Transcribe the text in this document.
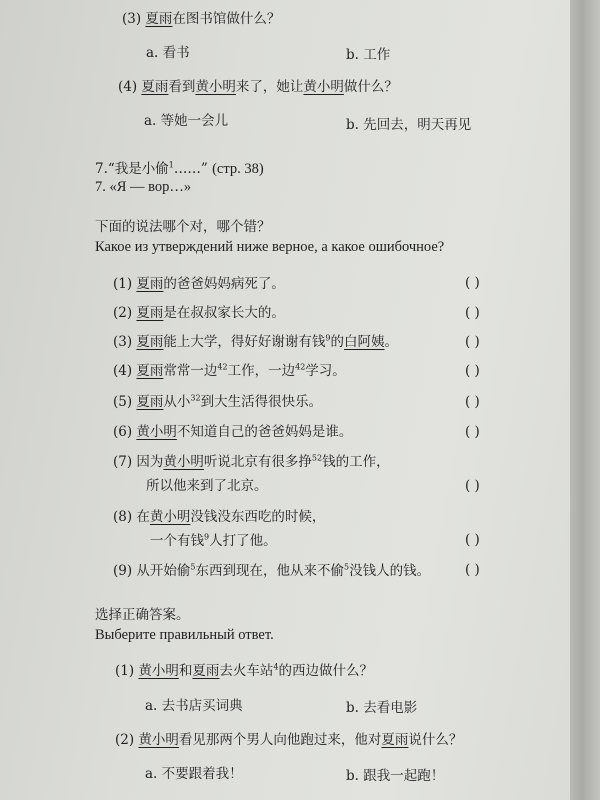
(3) 夏雨在图书馆做什么？
a. 看书	b. 工作
(4) 夏雨看到黄小明来了，她让黄小明做什么？
a. 等她一会儿	b. 先回去，明天再见
7.“我是小偷$^1$……” (стр. 38)
7. «Я — вор…»
下面的说法哪个对，哪个错？
Какое из утверждений ниже верное, а какое ошибочное?
(1) 夏雨的爸爸妈妈病死了。	( )
(2) 夏雨是在叔叔家长大的。	( )
(3) 夏雨能上大学，得好好谢谢有钱$^9$的白阿姨。	( )
(4) 夏雨常常一边$^{42}$工作，一边$^{42}$学习。	( )
(5) 夏雨从小$^{32}$到大生活得很快乐。	( )
(6) 黄小明不知道自己的爸爸妈妈是谁。	( )
(7) 因为黄小明听说北京有很多挣$^{52}$钱的工作，
所以他来到了北京。	( )
(8) 在黄小明没钱没东西吃的时候，
一个有钱$^9$人打了他。	( )
(9) 从开始偷$^5$东西到现在，他从来不偷$^5$没钱人的钱。	( )
选择正确答案。
Выберите правильный ответ.
(1) 黄小明和夏雨去火车站$^4$的西边做什么？
a. 去书店买词典	b. 去看电影
(2) 黄小明看见那两个男人向他跑过来，他对夏雨说什么？
a. 不要跟着我！	b. 跟我一起跑！
